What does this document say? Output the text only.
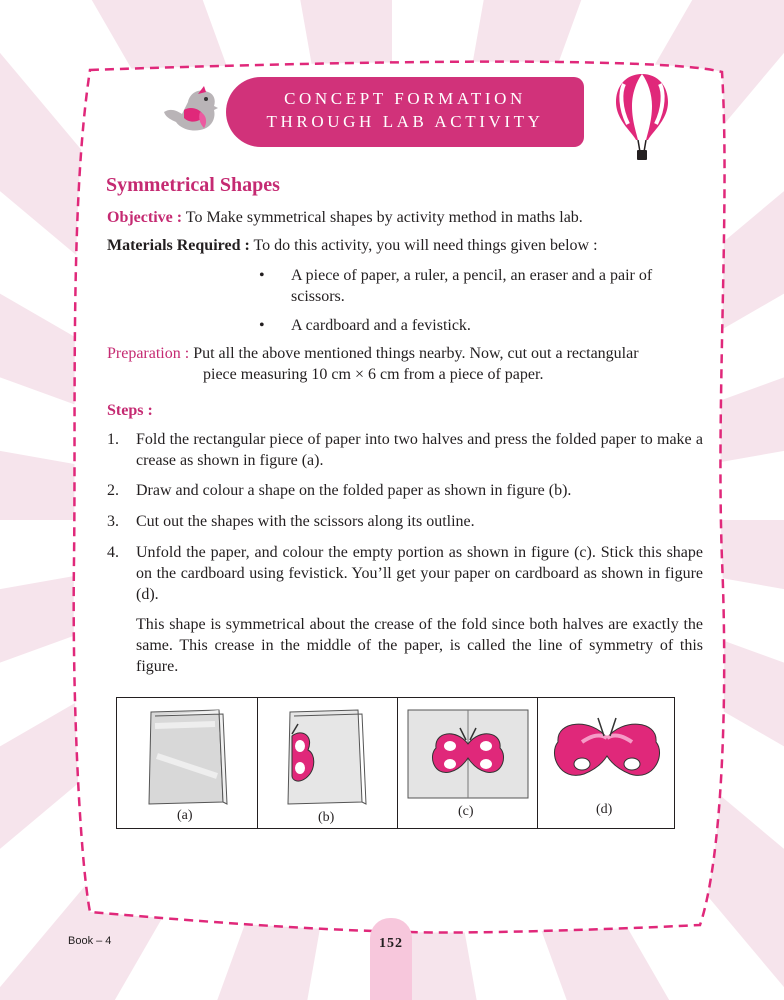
CONCEPT FORMATION
THROUGH LAB ACTIVITY
Symmetrical Shapes
Objective : To Make symmetrical shapes by activity method in maths lab.
Materials Required : To do this activity, you will need things given below :
• A piece of paper, a ruler, a pencil, an eraser and a pair of
scissors.
• A cardboard and a fevistick.
Preparation : Put all the above mentioned things nearby. Now, cut out a rectangular
piece measuring 10 cm × 6 cm from a piece of paper.
Steps :
1. Fold the rectangular piece of paper into two halves and press the folded paper to make a crease as shown in figure (a).
2. Draw and colour a shape on the folded paper as shown in figure (b).
3. Cut out the shapes with the scissors along its outline.
4. Unfold the paper, and colour the empty portion as shown in figure (c). Stick this shape on the cardboard using fevistick. You’ll get your paper on cardboard as shown in figure (d).
This shape is symmetrical about the crease of the fold since both halves are exactly the same. This crease in the middle of the paper, is called the line of symmetry of this figure.
(a)	(b)	(c)	(d)
Book – 4	152
